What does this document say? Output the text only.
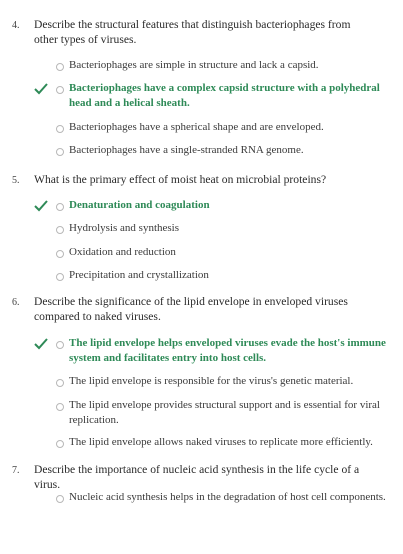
4.	Describe the structural features that distinguish bacteriophages from other types of viruses.
Bacteriophages are simple in structure and lack a capsid.
Bacteriophages have a complex capsid structure with a polyhedral head and a helical sheath.
Bacteriophages have a spherical shape and are enveloped.
Bacteriophages have a single-stranded RNA genome.
5.	What is the primary effect of moist heat on microbial proteins?
Denaturation and coagulation
Hydrolysis and synthesis
Oxidation and reduction
Precipitation and crystallization
6.	Describe the significance of the lipid envelope in enveloped viruses compared to naked viruses.
The lipid envelope helps enveloped viruses evade the host's immune system and facilitates entry into host cells.
The lipid envelope is responsible for the virus's genetic material.
The lipid envelope provides structural support and is essential for viral replication.
The lipid envelope allows naked viruses to replicate more efficiently.
7.	Describe the importance of nucleic acid synthesis in the life cycle of a virus.
Nucleic acid synthesis helps in the degradation of host cell components.
